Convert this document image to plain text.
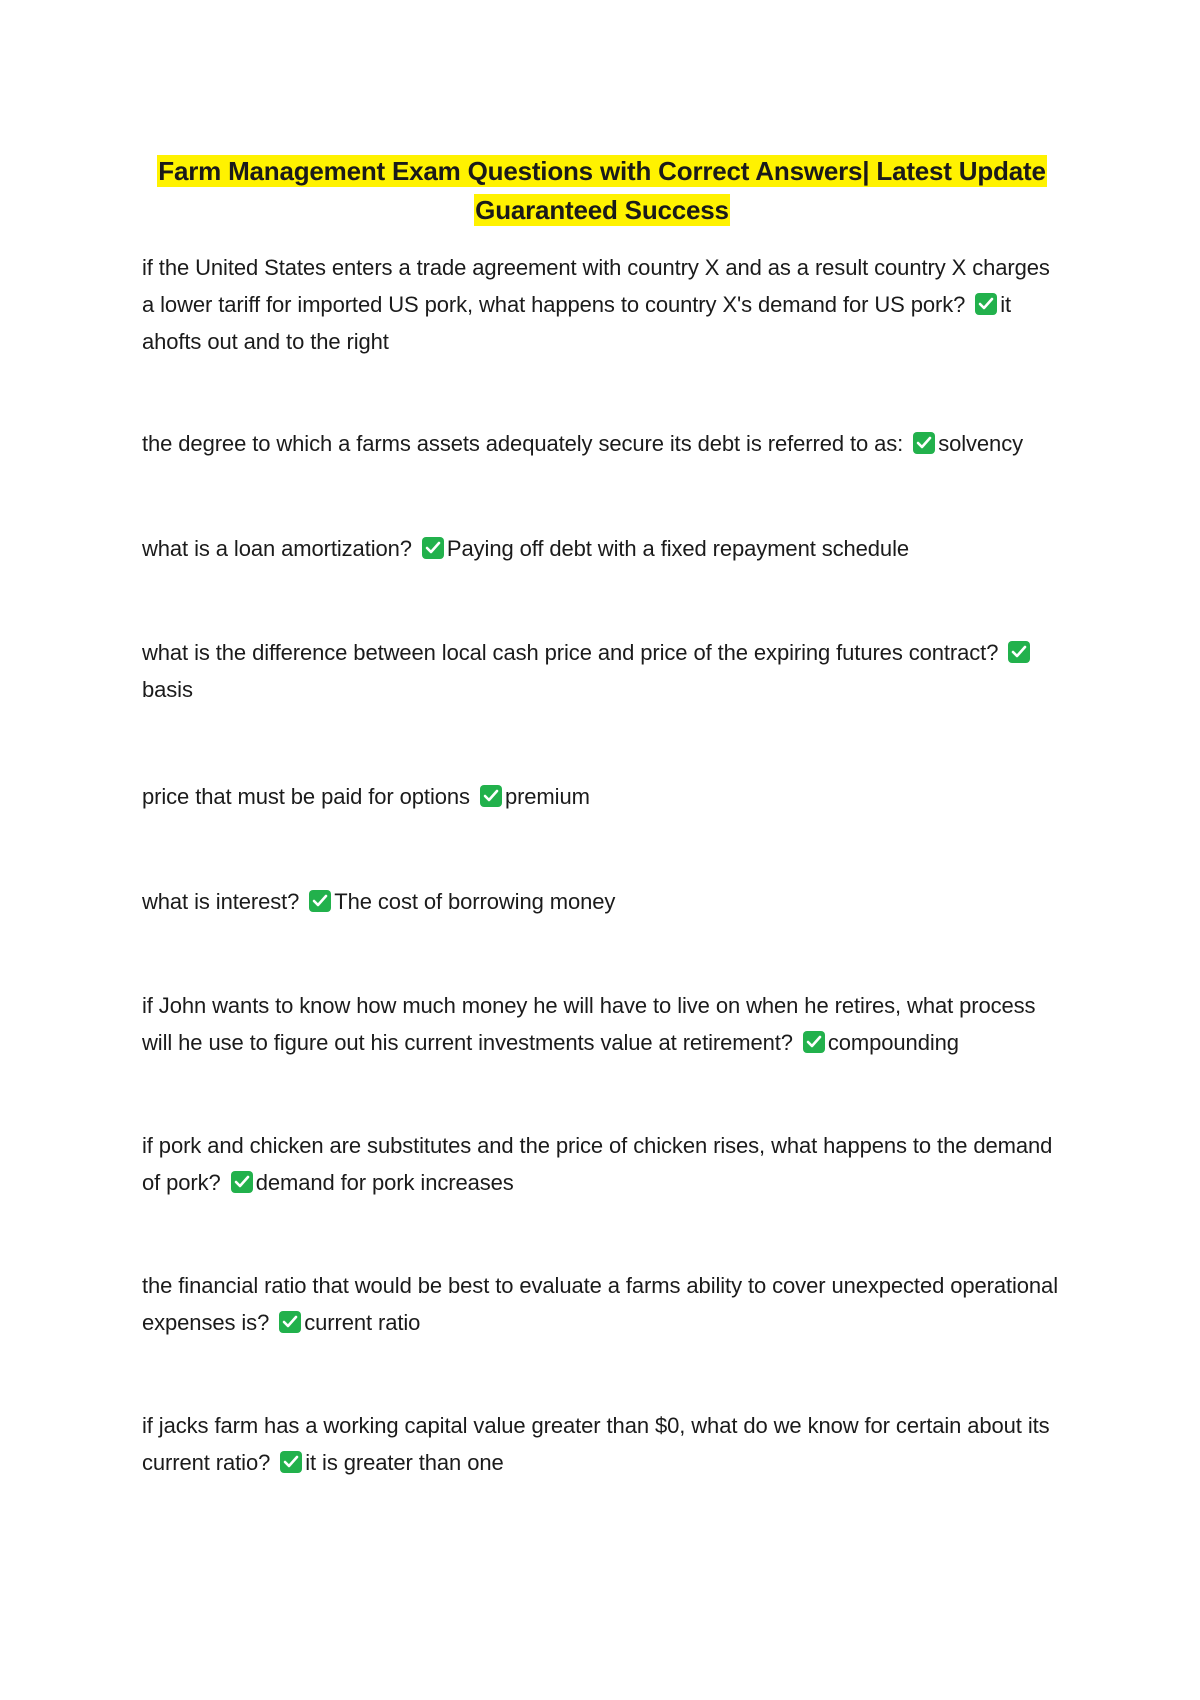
Farm Management Exam Questions with Correct Answers| Latest Update
Guaranteed Success
if the United States enters a trade agreement with country X and as a result country X charges a lower tariff for imported US pork, what happens to country X's demand for US pork? it ahofts out and to the right
the degree to which a farms assets adequately secure its debt is referred to as: solvency
what is a loan amortization? Paying off debt with a fixed repayment schedule
what is the difference between local cash price and price of the expiring futures contract?
basis
price that must be paid for options premium
what is interest? The cost of borrowing money
if John wants to know how much money he will have to live on when he retires, what process will he use to figure out his current investments value at retirement? compounding
if pork and chicken are substitutes and the price of chicken rises, what happens to the demand of pork? demand for pork increases
the financial ratio that would be best to evaluate a farms ability to cover unexpected operational expenses is? current ratio
if jacks farm has a working capital value greater than $0, what do we know for certain about its current ratio? it is greater than one
